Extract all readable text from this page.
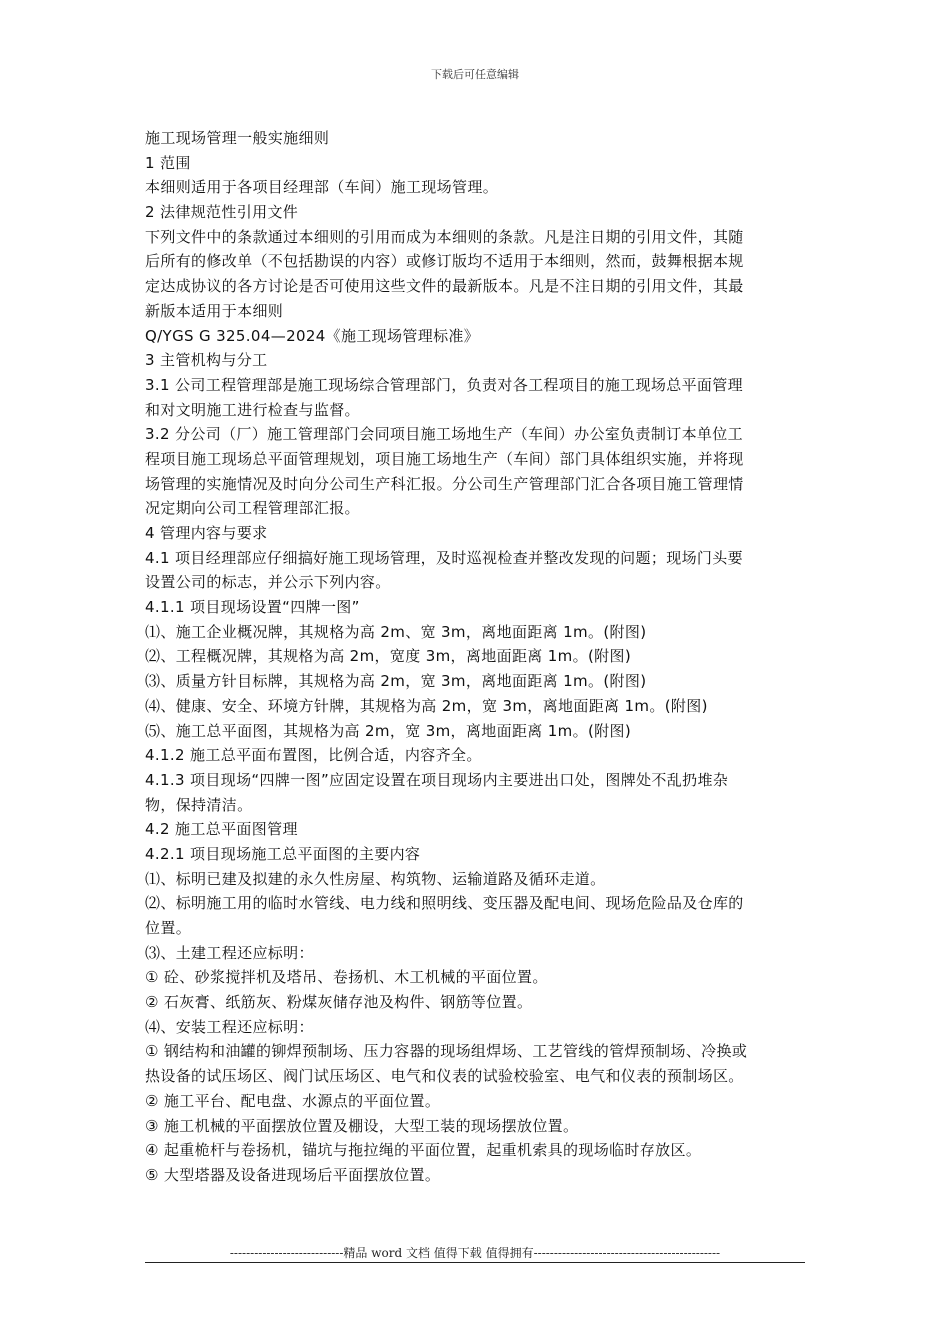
下载后可任意编辑
施工现场管理一般实施细则
1 范围
本细则适用于各项目经理部（车间）施工现场管理。
2 法律规范性引用文件
下列文件中的条款通过本细则的引用而成为本细则的条款。凡是注日期的引用文件，其随
后所有的修改单（不包括勘误的内容）或修订版均不适用于本细则，然而，鼓舞根据本规
定达成协议的各方讨论是否可使用这些文件的最新版本。凡是不注日期的引用文件，其最
新版本适用于本细则
Q/YGS G 325.04—2024《施工现场管理标准》
3 主管机构与分工
3.1 公司工程管理部是施工现场综合管理部门，负责对各工程项目的施工现场总平面管理
和对文明施工进行检查与监督。
3.2 分公司（厂）施工管理部门会同项目施工场地生产（车间）办公室负责制订本单位工
程项目施工现场总平面管理规划，项目施工场地生产（车间）部门具体组织实施，并将现
场管理的实施情况及时向分公司生产科汇报。分公司生产管理部门汇合各项目施工管理情
况定期向公司工程管理部汇报。
4 管理内容与要求
4.1 项目经理部应仔细搞好施工现场管理，及时巡视检查并整改发现的问题；现场门头要
设置公司的标志，并公示下列内容。
4.1.1 项目现场设置“四牌一图”
⑴、施工企业概况牌，其规格为高 2m、宽 3m，离地面距离 1m。(附图)
⑵、工程概况牌，其规格为高 2m，宽度 3m，离地面距离 1m。(附图)
⑶、质量方针目标牌，其规格为高 2m，宽 3m，离地面距离 1m。(附图)
⑷、健康、安全、环境方针牌，其规格为高 2m，宽 3m，离地面距离 1m。(附图)
⑸、施工总平面图，其规格为高 2m，宽 3m，离地面距离 1m。(附图)
4.1.2 施工总平面布置图，比例合适，内容齐全。
4.1.3 项目现场“四牌一图”应固定设置在项目现场内主要进出口处，图牌处不乱扔堆杂
物，保持清洁。
4.2 施工总平面图管理
4.2.1 项目现场施工总平面图的主要内容
⑴、标明已建及拟建的永久性房屋、构筑物、运输道路及循环走道。
⑵、标明施工用的临时水管线、电力线和照明线、变压器及配电间、现场危险品及仓库的
位置。
⑶、土建工程还应标明：
① 砼、砂浆搅拌机及塔吊、卷扬机、木工机械的平面位置。
② 石灰膏、纸筋灰、粉煤灰储存池及构件、钢筋等位置。
⑷、安装工程还应标明：
① 钢结构和油罐的铆焊预制场、压力容器的现场组焊场、工艺管线的管焊预制场、冷换或
热设备的试压场区、阀门试压场区、电气和仪表的试验校验室、电气和仪表的预制场区。
② 施工平台、配电盘、水源点的平面位置。
③ 施工机械的平面摆放位置及棚设，大型工装的现场摆放位置。
④ 起重桅杆与卷扬机，锚坑与拖拉绳的平面位置，起重机索具的现场临时存放区。
⑤ 大型塔器及设备进现场后平面摆放位置。
----------------------------精品 word 文档 值得下载 值得拥有----------------------------------------------
